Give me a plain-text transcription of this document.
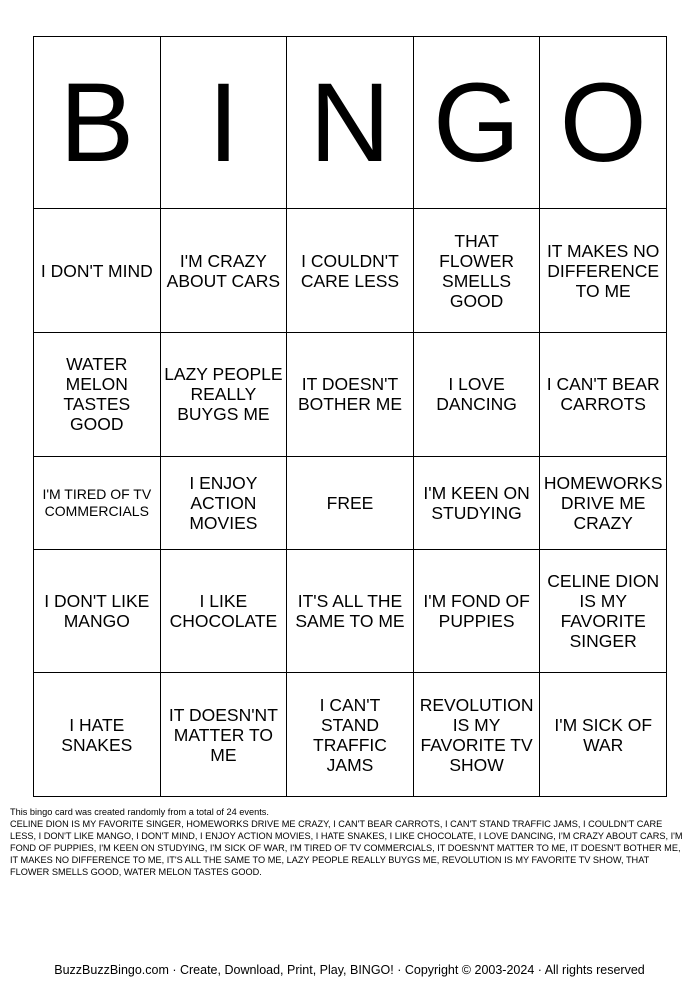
B	I	N	G	O
I DON'T MIND	I'M CRAZY ABOUT CARS	I COULDN'T CARE LESS	THAT FLOWER SMELLS GOOD	IT MAKES NO DIFFERENCE TO ME
WATER MELON TASTES GOOD	LAZY PEOPLE REALLY BUYGS ME	IT DOESN'T BOTHER ME	I LOVE DANCING	I CAN'T BEAR CARROTS
I'M TIRED OF TV COMMERCIALS	I ENJOY ACTION MOVIES	FREE	I'M KEEN ON STUDYING	HOMEWORKS DRIVE ME CRAZY
I DON'T LIKE MANGO	I LIKE CHOCOLATE	IT'S ALL THE SAME TO ME	I'M FOND OF PUPPIES	CELINE DION IS MY FAVORITE SINGER
I HATE SNAKES	IT DOESN'NT MATTER TO ME	I CAN'T STAND TRAFFIC JAMS	REVOLUTION IS MY FAVORITE TV SHOW	I'M SICK OF WAR

This bingo card was created randomly from a total of 24 events.

CELINE DION IS MY FAVORITE SINGER, HOMEWORKS DRIVE ME CRAZY, I CAN'T BEAR CARROTS, I CAN'T STAND TRAFFIC JAMS, I COULDN'T CARE LESS, I DON'T LIKE MANGO, I DON'T MIND, I ENJOY ACTION MOVIES, I HATE SNAKES, I LIKE CHOCOLATE, I LOVE DANCING, I'M CRAZY ABOUT CARS, I'M FOND OF PUPPIES, I'M KEEN ON STUDYING, I'M SICK OF WAR, I'M TIRED OF TV COMMERCIALS, IT DOESN'NT MATTER TO ME, IT DOESN'T BOTHER ME, IT MAKES NO DIFFERENCE TO ME, IT'S ALL THE SAME TO ME, LAZY PEOPLE REALLY BUYGS ME, REVOLUTION IS MY FAVORITE TV SHOW, THAT FLOWER SMELLS GOOD, WATER MELON TASTES GOOD.

BuzzBuzzBingo.com · Create, Download, Print, Play, BINGO! · Copyright © 2003-2024 · All rights reserved
